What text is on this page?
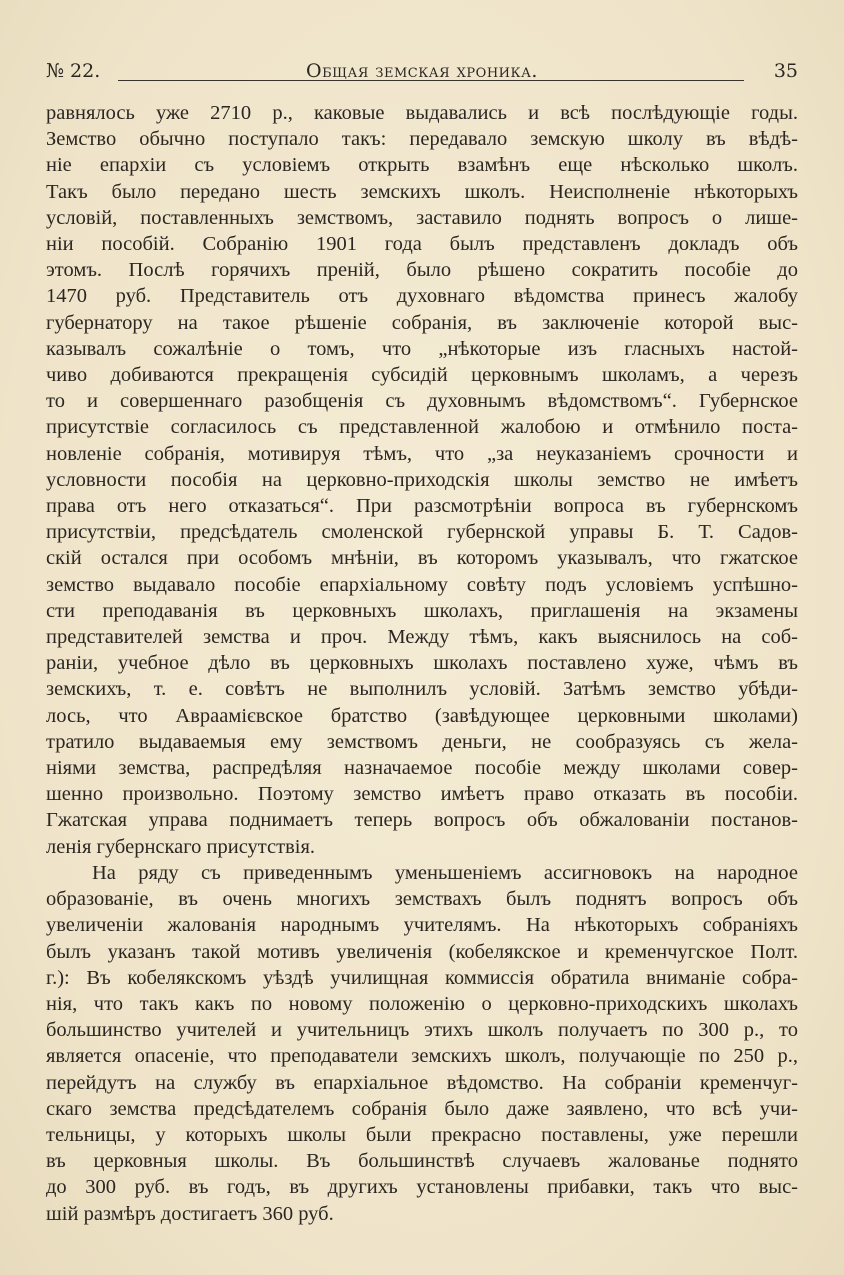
№ 22.	Общая земская хроника.	35

равнялось уже 2710 р., каковые выдавались и всѣ послѣдующіе годы.
Земство обычно поступало такъ: передавало земскую школу въ вѣдѣ-
ніе епархіи съ условіемъ открыть взамѣнъ еще нѣсколько школъ.
Такъ было передано шесть земскихъ школъ. Неисполненіе нѣкоторыхъ
условій, поставленныхъ земствомъ, заставило поднять вопросъ о лише-
ніи пособій. Собранію 1901 года былъ представленъ докладъ объ
этомъ. Послѣ горячихъ преній, было рѣшено сократить пособіе до
1470 руб. Представитель отъ духовнаго вѣдомства принесъ жалобу
губернатору на такое рѣшеніе собранія, въ заключеніе которой выс-
казывалъ сожалѣніе о томъ, что „нѣкоторые изъ гласныхъ настой-
чиво добиваются прекращенія субсидій церковнымъ школамъ, а черезъ
то и совершеннаго разобщенія съ духовнымъ вѣдомствомъ“. Губернское
присутствіе согласилось съ представленной жалобою и отмѣнило поста-
новленіе собранія, мотивируя тѣмъ, что „за неуказаніемъ срочности и
условности пособія на церковно-приходскія школы земство не имѣетъ
права отъ него отказаться“. При разсмотрѣніи вопроса въ губернскомъ
присутствіи, предсѣдатель смоленской губернской управы Б. Т. Садов-
скій остался при особомъ мнѣніи, въ которомъ указывалъ, что гжатское
земство выдавало пособіе епархіальному совѣту подъ условіемъ успѣшно-
сти преподаванія въ церковныхъ школахъ, приглашенія на экзамены
представителей земства и проч. Между тѣмъ, какъ выяснилось на соб-
раніи, учебное дѣло въ церковныхъ школахъ поставлено хуже, чѣмъ въ
земскихъ, т. е. совѣтъ не выполнилъ условій. Затѣмъ земство убѣди-
лось, что Авраамієвское братство (завѣдующее церковными школами)
тратило выдаваемыя ему земствомъ деньги, не сообразуясь съ жела-
ніями земства, распредѣляя назначаемое пособіе между школами совер-
шенно произвольно. Поэтому земство имѣетъ право отказать въ пособіи.
Гжатская управа поднимаетъ теперь вопросъ объ обжалованіи постанов-
ленія губернскаго присутствія.

На ряду съ приведеннымъ уменьшеніемъ ассигновокъ на народное
образованіе, въ очень многихъ земствахъ былъ поднятъ вопросъ объ
увеличеніи жалованія народнымъ учителямъ. На нѣкоторыхъ собраніяхъ
былъ указанъ такой мотивъ увеличенія (кобелякское и кременчугское Полт.
г.): Въ кобелякскомъ уѣздѣ училищная коммиссія обратила вниманіе собра-
нія, что такъ какъ по новому положенію о церковно-приходскихъ школахъ
большинство учителей и учительницъ этихъ школъ получаетъ по 300 р., то
является опасеніе, что преподаватели земскихъ школъ, получающіе по 250 р.,
перейдутъ на службу въ епархіальное вѣдомство. На собраніи кременчуг-
скаго земства предсѣдателемъ собранія было даже заявлено, что всѣ учи-
тельницы, у которыхъ школы были прекрасно поставлены, уже перешли
въ церковныя школы. Въ большинствѣ случаевъ жалованье поднято
до 300 руб. въ годъ, въ другихъ установлены прибавки, такъ что выс-
шій размѣръ достигаетъ 360 руб.
